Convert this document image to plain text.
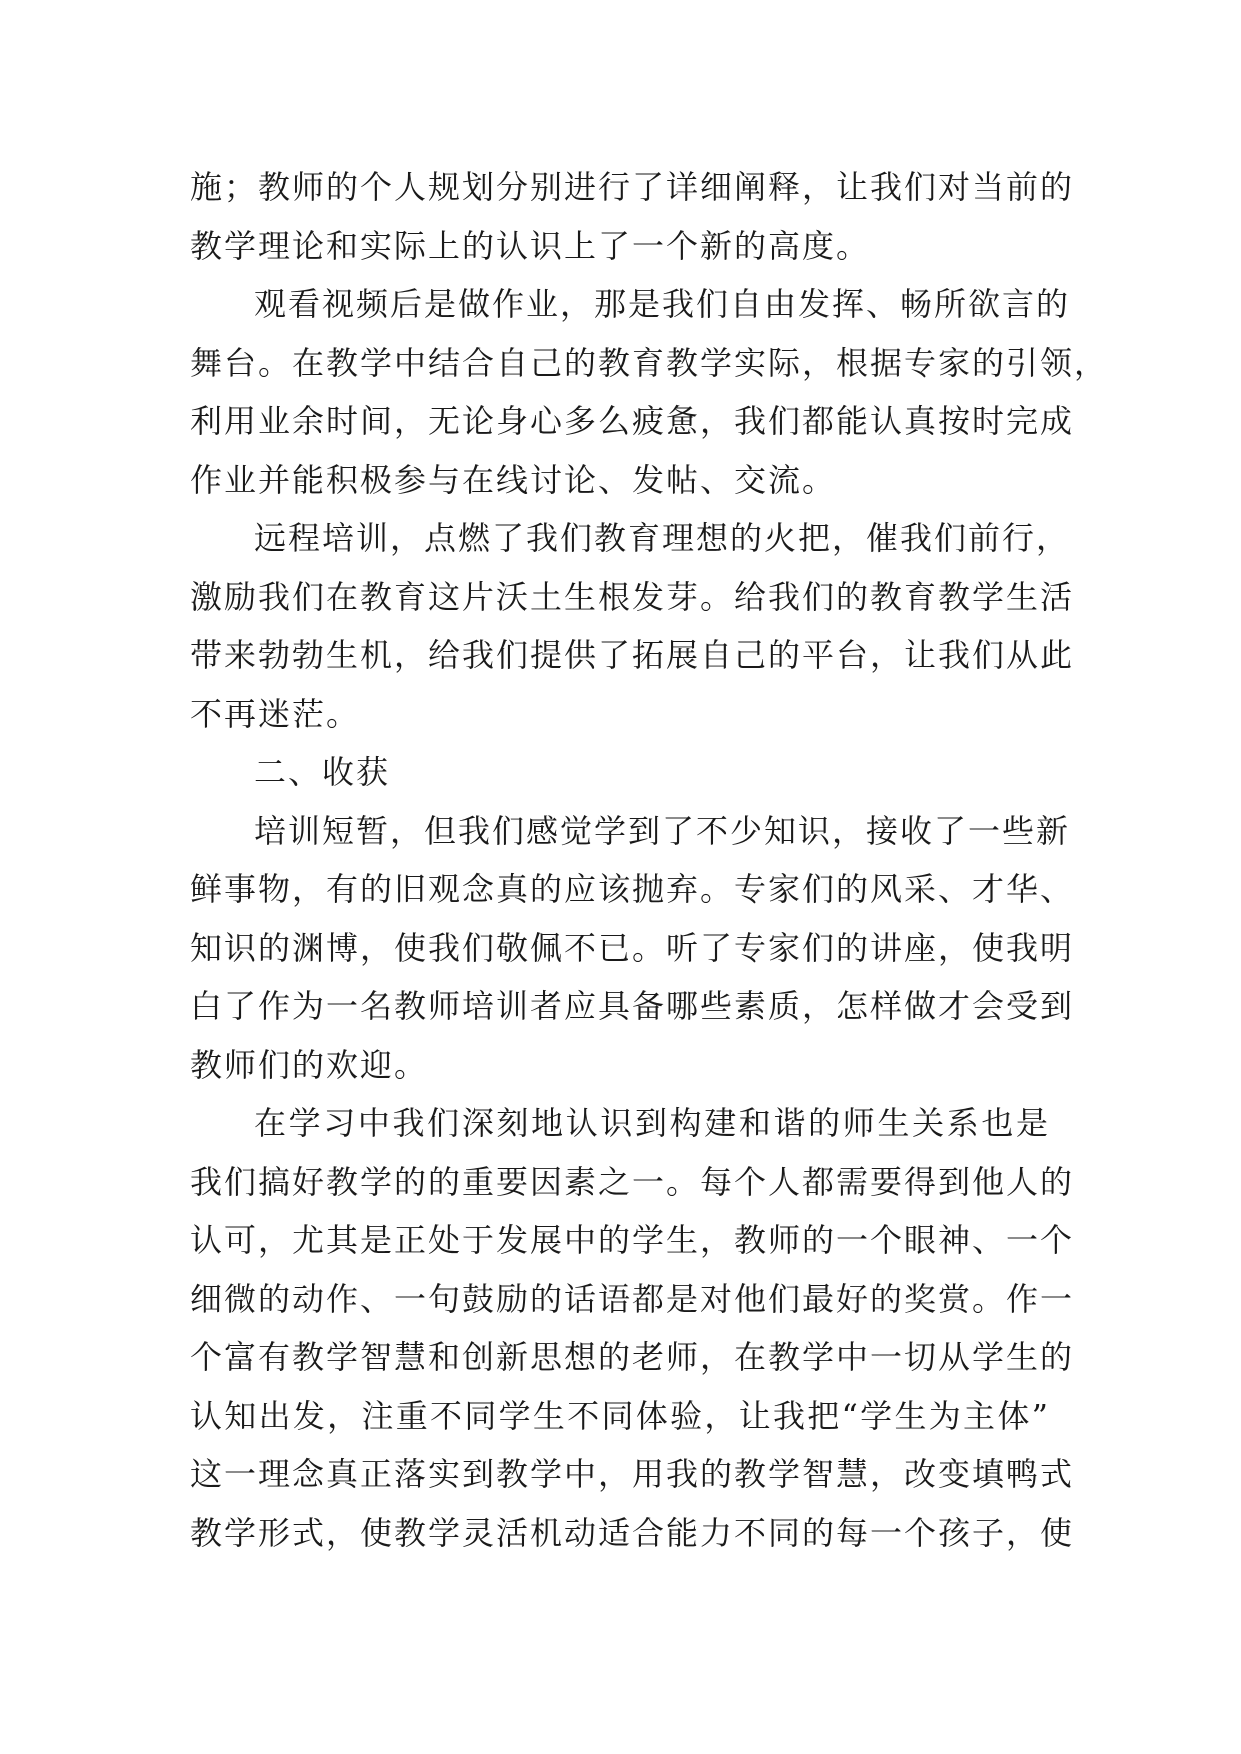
施；教师的个人规划分别进行了详细阐释，让我们对当前的
教学理论和实际上的认识上了一个新的高度。
观看视频后是做作业，那是我们自由发挥、畅所欲言的
舞台。在教学中结合自己的教育教学实际，根据专家的引领，
利用业余时间，无论身心多么疲惫，我们都能认真按时完成
作业并能积极参与在线讨论、发帖、交流。
远程培训，点燃了我们教育理想的火把，催我们前行，
激励我们在教育这片沃土生根发芽。给我们的教育教学生活
带来勃勃生机，给我们提供了拓展自己的平台，让我们从此
不再迷茫。
二、收获
培训短暂，但我们感觉学到了不少知识，接收了一些新
鲜事物，有的旧观念真的应该抛弃。专家们的风采、才华、
知识的渊博，使我们敬佩不已。听了专家们的讲座，使我明
白了作为一名教师培训者应具备哪些素质，怎样做才会受到
教师们的欢迎。
在学习中我们深刻地认识到构建和谐的师生关系也是
我们搞好教学的的重要因素之一。每个人都需要得到他人的
认可，尤其是正处于发展中的学生，教师的一个眼神、一个
细微的动作、一句鼓励的话语都是对他们最好的奖赏。作一
个富有教学智慧和创新思想的老师，在教学中一切从学生的
认知出发，注重不同学生不同体验，让我把“学生为主体”
这一理念真正落实到教学中，用我的教学智慧，改变填鸭式
教学形式，使教学灵活机动适合能力不同的每一个孩子，使
